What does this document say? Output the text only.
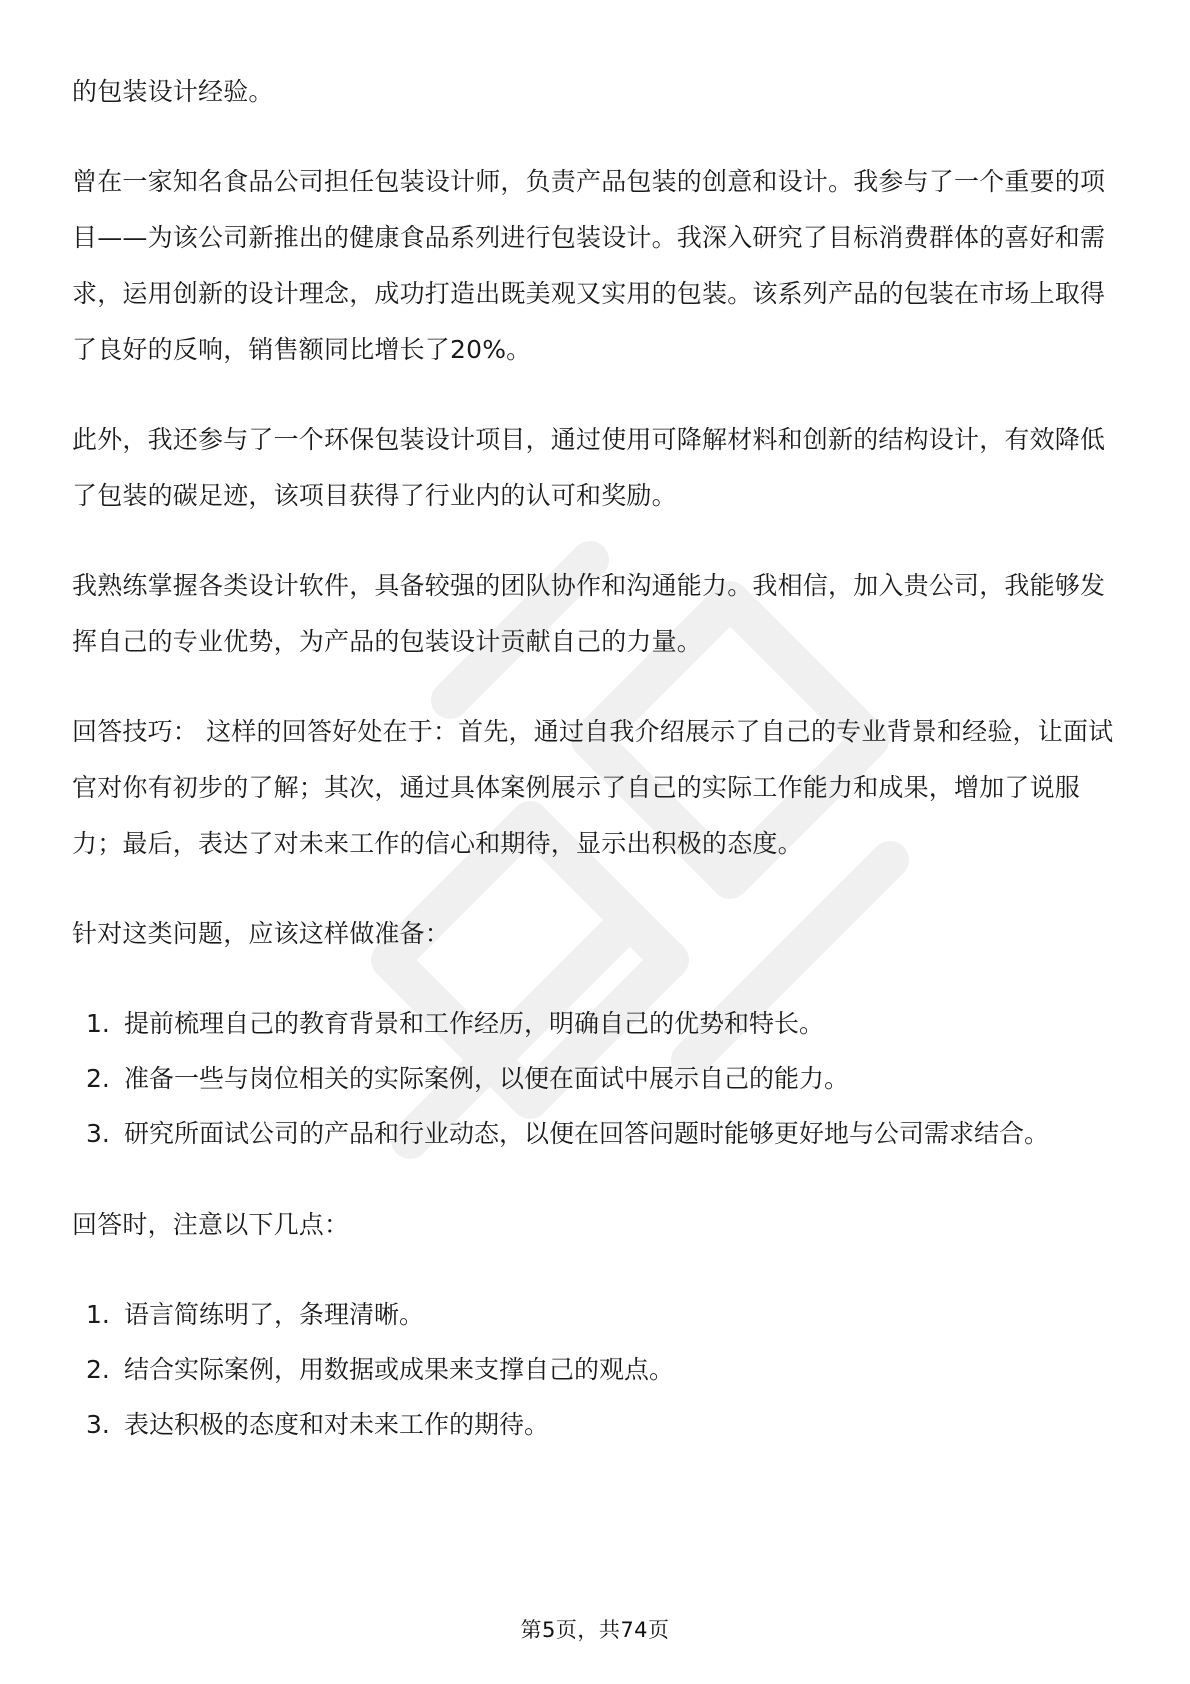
的包装设计经验。

曾在一家知名食品公司担任包装设计师，负责产品包装的创意和设计。我参与了一个重要的项目——为该公司新推出的健康食品系列进行包装设计。我深入研究了目标消费群体的喜好和需求，运用创新的设计理念，成功打造出既美观又实用的包装。该系列产品的包装在市场上取得了良好的反响，销售额同比增长了20%。

此外，我还参与了一个环保包装设计项目，通过使用可降解材料和创新的结构设计，有效降低了包装的碳足迹，该项目获得了行业内的认可和奖励。

我熟练掌握各类设计软件，具备较强的团队协作和沟通能力。我相信，加入贵公司，我能够发挥自己的专业优势，为产品的包装设计贡献自己的力量。

回答技巧： 这样的回答好处在于：首先，通过自我介绍展示了自己的专业背景和经验，让面试官对你有初步的了解；其次，通过具体案例展示了自己的实际工作能力和成果，增加了说服力；最后，表达了对未来工作的信心和期待，显示出积极的态度。

针对这类问题，应该这样做准备：

1. 提前梳理自己的教育背景和工作经历，明确自己的优势和特长。
2. 准备一些与岗位相关的实际案例，以便在面试中展示自己的能力。
3. 研究所面试公司的产品和行业动态，以便在回答问题时能够更好地与公司需求结合。

回答时，注意以下几点：

1. 语言简练明了，条理清晰。
2. 结合实际案例，用数据或成果来支撑自己的观点。
3. 表达积极的态度和对未来工作的期待。
第5页，共74页
